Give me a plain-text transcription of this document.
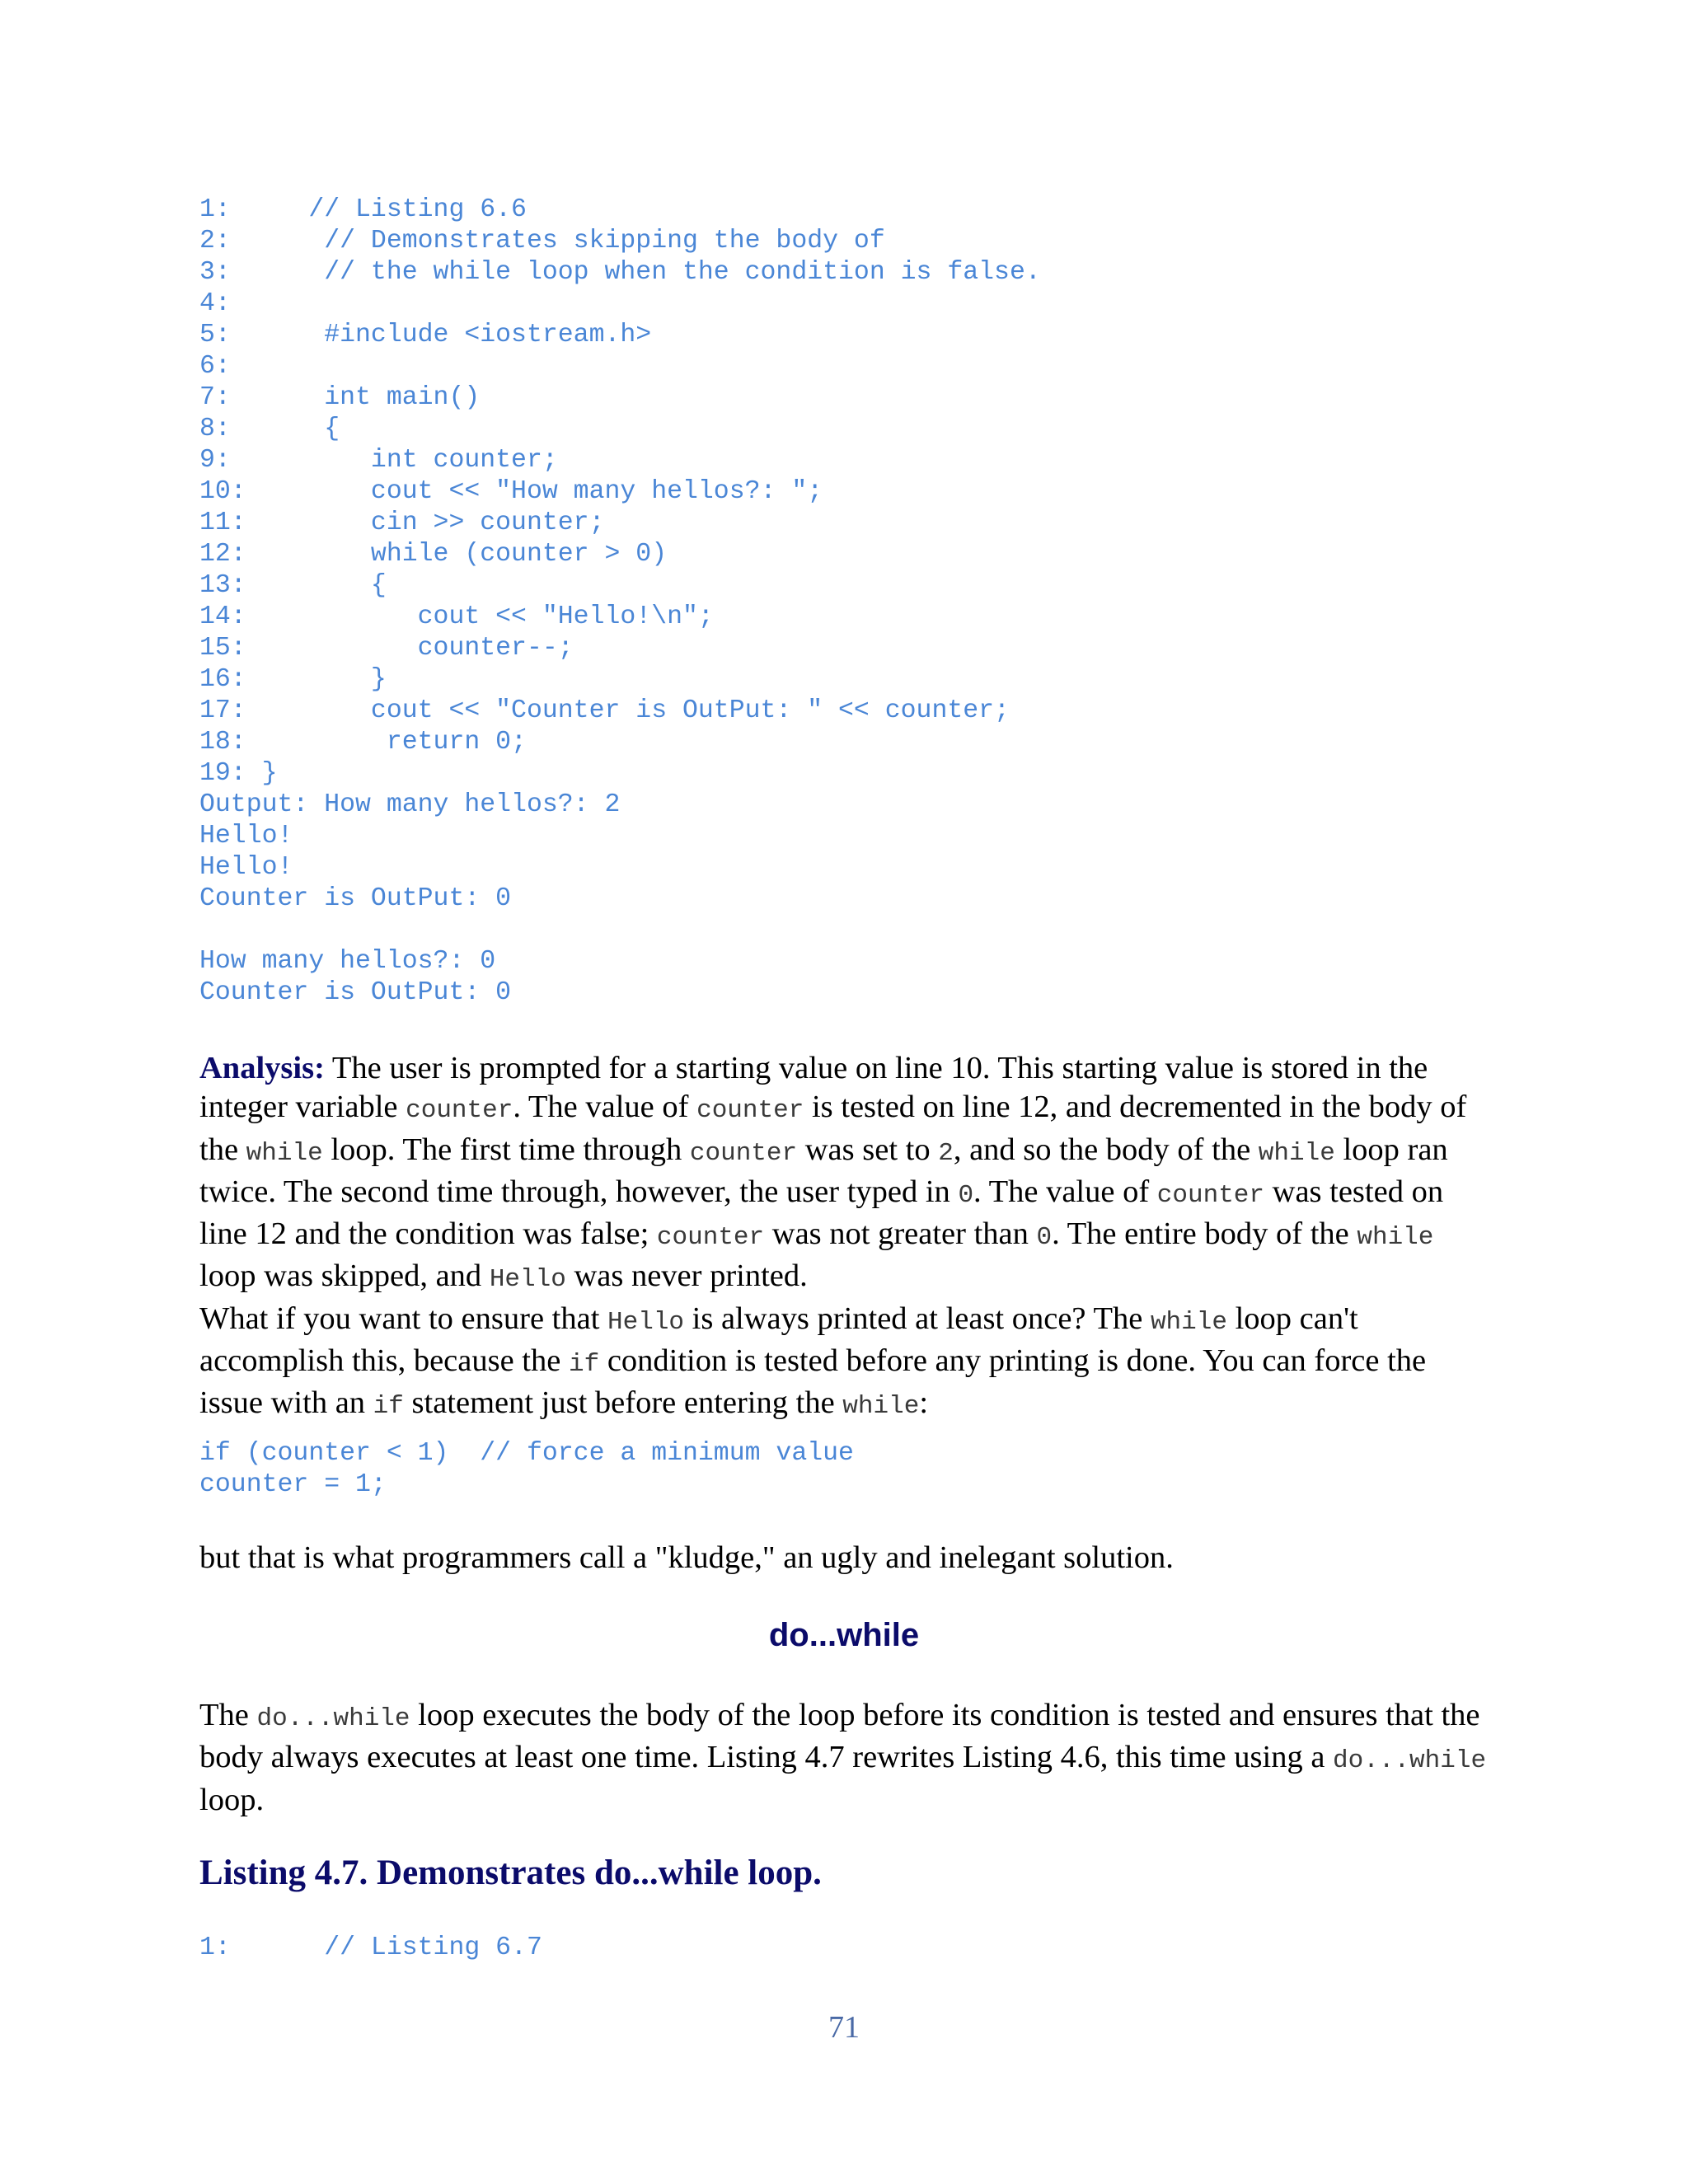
1:     // Listing 6.6
2:      // Demonstrates skipping the body of
3:      // the while loop when the condition is false.
4:
5:      #include <iostream.h>
6:
7:      int main()
8:      {
9:         int counter;
10:        cout << "How many hellos?: ";
11:        cin >> counter;
12:        while (counter > 0)
13:        {
14:           cout << "Hello!\n";
15:           counter--;
16:        }
17:        cout << "Counter is OutPut: " << counter;
18:         return 0;
19: }
Output: How many hellos?: 2
Hello!
Hello!
Counter is OutPut: 0
How many hellos?: 0
Counter is OutPut: 0

Analysis: The user is prompted for a starting value on line 10. This starting value is stored in the integer variable counter. The value of counter is tested on line 12, and decremented in the body of the while loop. The first time through counter was set to 2, and so the body of the while loop ran twice. The second time through, however, the user typed in 0. The value of counter was tested on line 12 and the condition was false; counter was not greater than 0. The entire body of the while loop was skipped, and Hello was never printed.

What if you want to ensure that Hello is always printed at least once? The while loop can't accomplish this, because the if condition is tested before any printing is done. You can force the issue with an if statement just before entering the while:

if (counter < 1)  // force a minimum value
counter = 1;

but that is what programmers call a "kludge," an ugly and inelegant solution.

do...while

The do...while loop executes the body of the loop before its condition is tested and ensures that the body always executes at least one time. Listing 4.7 rewrites Listing 4.6, this time using a do...while loop.

Listing 4.7. Demonstrates do...while loop.
1:      // Listing 6.7
71
